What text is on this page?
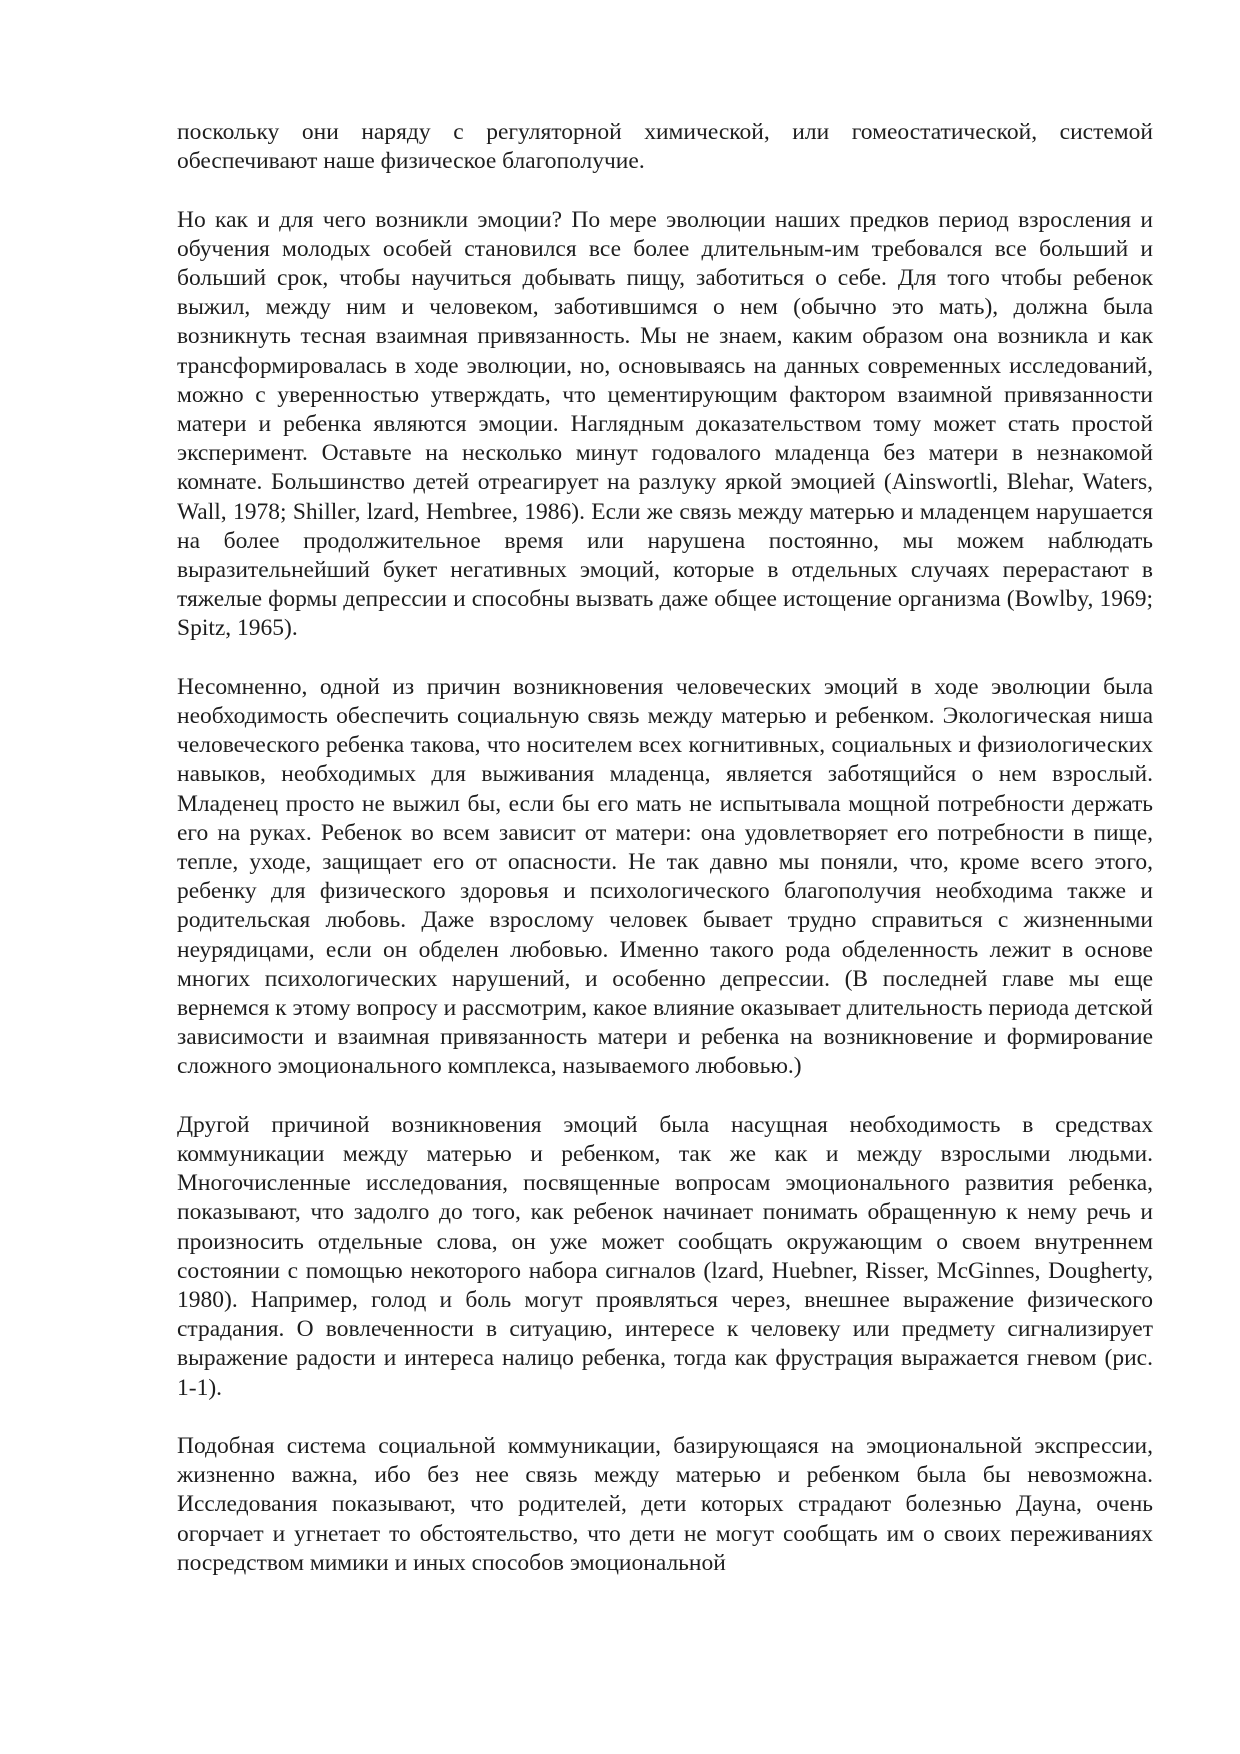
поскольку они наряду с регуляторной химической, или гомеостатической, системой обеспечивают наше физическое благополучие.

Но как и для чего возникли эмоции? По мере эволюции наших предков период взросления и обучения молодых особей становился все более длительным-им требовался все больший и больший срок, чтобы научиться добывать пищу, заботиться о себе. Для того чтобы ребенок выжил, между ним и человеком, заботившимся о нем (обычно это мать), должна была возникнуть тесная взаимная привязанность. Мы не знаем, каким образом она возникла и как трансформировалась в ходе эволюции, но, основываясь на данных современных исследований, можно с уверенностью утверждать, что цементирующим фактором взаимной привязанности матери и ребенка являются эмоции. Наглядным доказательством тому может стать простой эксперимент. Оставьте на несколько минут годовалого младенца без матери в незнакомой комнате. Большинство детей отреагирует на разлуку яркой эмоцией (Ainswortli, Blehar, Waters, Wall, 1978; Shiller, lzard, Hembree, 1986). Если же связь между матерью и младенцем нарушается на более продолжительное время или нарушена постоянно, мы можем наблюдать выразительнейший букет негативных эмоций, которые в отдельных случаях перерастают в тяжелые формы депрессии и способны вызвать даже общее истощение организма (Bowlby, 1969; Spitz, 1965).

Несомненно, одной из причин возникновения человеческих эмоций в ходе эволюции была необходимость обеспечить социальную связь между матерью и ребенком. Экологическая ниша человеческого ребенка такова, что носителем всех когнитивных, социальных и физиологических навыков, необходимых для выживания младенца, является заботящийся о нем взрослый. Младенец просто не выжил бы, если бы его мать не испытывала мощной потребности держать его на руках. Ребенок во всем зависит от матери: она удовлетворяет его потребности в пище, тепле, уходе, защищает его от опасности. Не так давно мы поняли, что, кроме всего этого, ребенку для физического здоровья и психологического благополучия необходима также и родительская любовь. Даже взрослому человек бывает трудно справиться с жизненными неурядицами, если он обделен любовью. Именно такого рода обделенность лежит в основе многих психологических нарушений, и особенно депрессии. (В последней главе мы еще вернемся к этому вопросу и рассмотрим, какое влияние оказывает длительность периода детской зависимости и взаимная привязанность матери и ребенка на возникновение и формирование сложного эмоционального комплекса, называемого любовью.)

Другой причиной возникновения эмоций была насущная необходимость в средствах коммуникации между матерью и ребенком, так же как и между взрослыми людьми. Многочисленные исследования, посвященные вопросам эмоционального развития ребенка, показывают, что задолго до того, как ребенок начинает понимать обращенную к нему речь и произносить отдельные слова, он уже может сообщать окружающим о своем внутреннем состоянии с помощью некоторого набора сигналов (lzard, Huebner, Risser, McGinnes, Dougherty, 1980). Например, голод и боль могут проявляться через, внешнее выражение физического страдания. О вовлеченности в ситуацию, интересе к человеку или предмету сигнализирует выражение радости и интереса налицо ребенка, тогда как фрустрация выражается гневом (рис. 1-1).

Подобная система социальной коммуникации, базирующаяся на эмоциональной экспрессии, жизненно важна, ибо без нее связь между матерью и ребенком была бы невозможна. Исследования показывают, что родителей, дети которых страдают болезнью Дауна, очень огорчает и угнетает то обстоятельство, что дети не могут сообщать им о своих переживаниях посредством мимики и иных способов эмоциональной
